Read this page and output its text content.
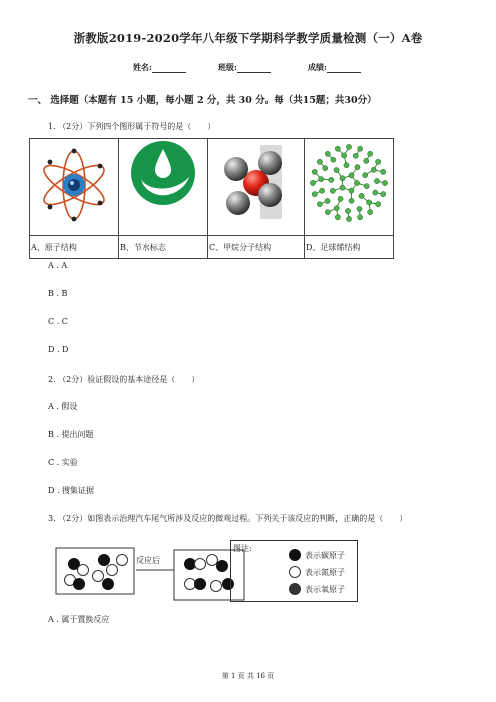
浙教版2019-2020学年八年级下学期科学教学质量检测（一）A卷
姓名:	班级:	成绩:
一、 选择题（本题有 15 小题，每小题 2 分，共 30 分。每（共15题；共30分）
1. （2分）下列四个图形属于符号的是（　　）

A、原子结构	B、节水标志	C、甲烷分子结构	D、足球烯结构
A . A
B . B
C . C
D . D
2. （2分）验证假设的基本途径是（　　）
A . 假设
B . 提出问题
C . 实验
D . 搜集证据
3. （2分）如图表示治理汽车尾气所涉及反应的微观过程。下列关于该反应的判断，正确的是（　　）
反应后
图注:
表示碳原子
表示氮原子
表示氧原子
A . 属于置换反应
第 1 页 共 16 页
